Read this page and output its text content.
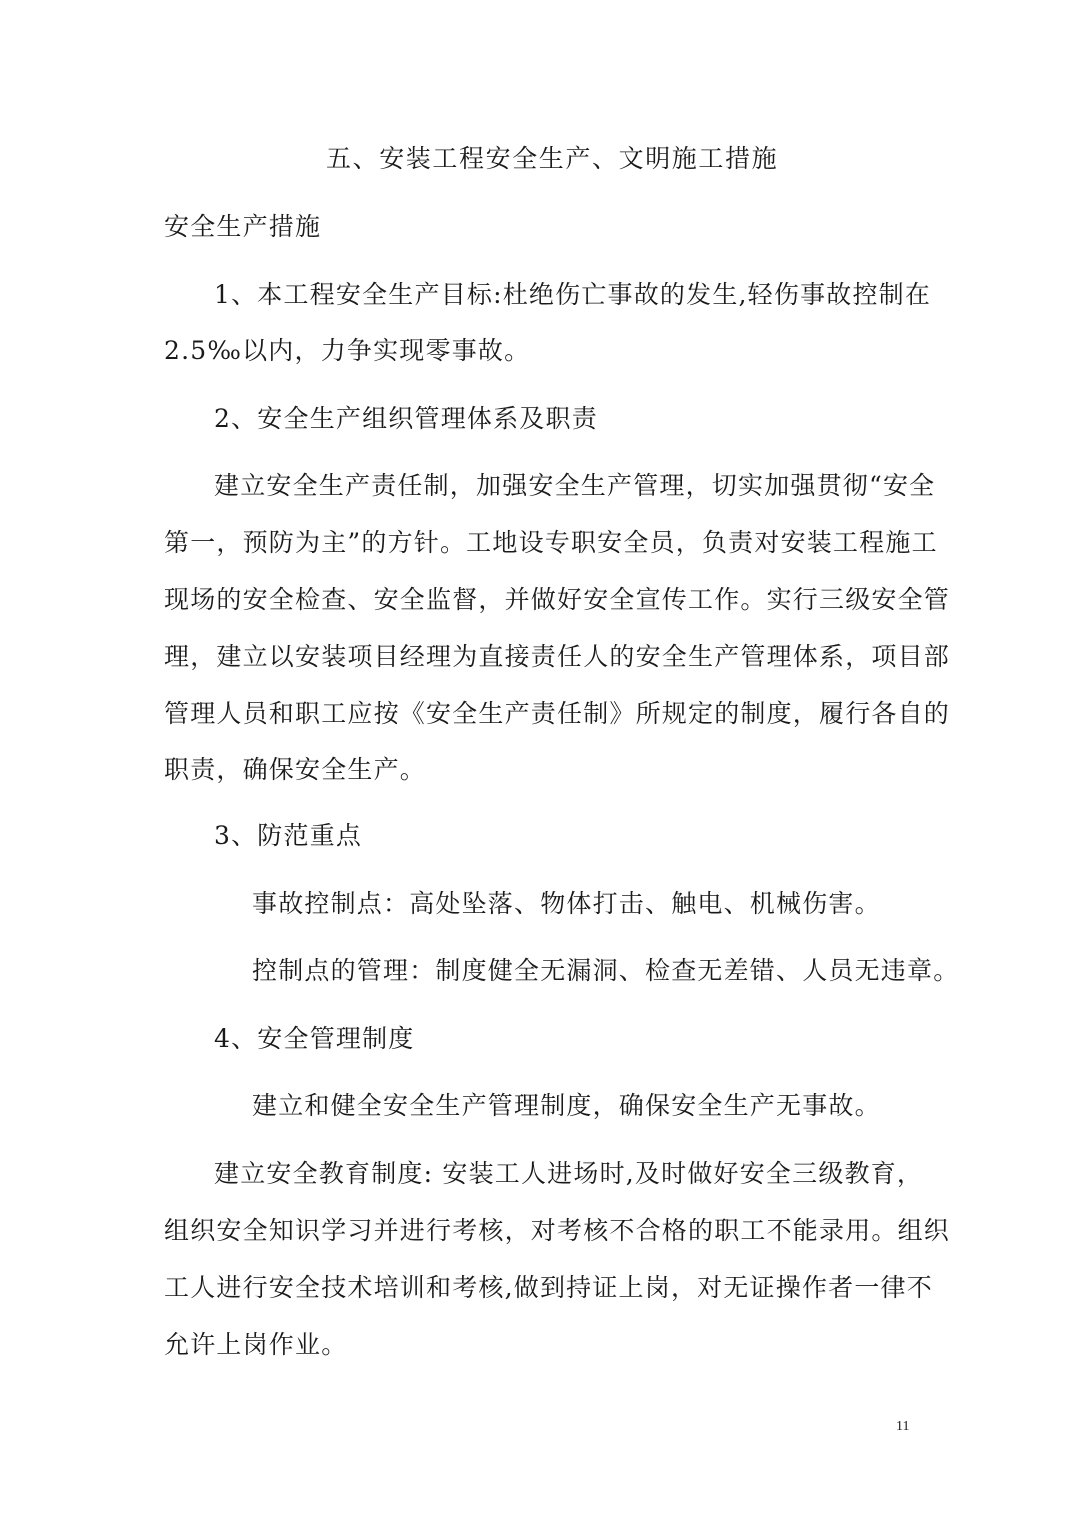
五、安装工程安全生产、文明施工措施
安全生产措施
1、本工程安全生产目标:杜绝伤亡事故的发生,轻伤事故控制在
2.5‰以内，力争实现零事故。
2、安全生产组织管理体系及职责
建立安全生产责任制，加强安全生产管理，切实加强贯彻“安全
第一，预防为主”的方针。工地设专职安全员，负责对安装工程施工
现场的安全检查、安全监督，并做好安全宣传工作。实行三级安全管
理，建立以安装项目经理为直接责任人的安全生产管理体系，项目部
管理人员和职工应按《安全生产责任制》所规定的制度，履行各自的
职责，确保安全生产。
3、防范重点
事故控制点：高处坠落、物体打击、触电、机械伤害。
控制点的管理：制度健全无漏洞、检查无差错、人员无违章。
4、安全管理制度
建立和健全安全生产管理制度，确保安全生产无事故。
建立安全教育制度: 安装工人进场时,及时做好安全三级教育，
组织安全知识学习并进行考核，对考核不合格的职工不能录用。组织
工人进行安全技术培训和考核,做到持证上岗，对无证操作者一律不
允许上岗作业。
11
